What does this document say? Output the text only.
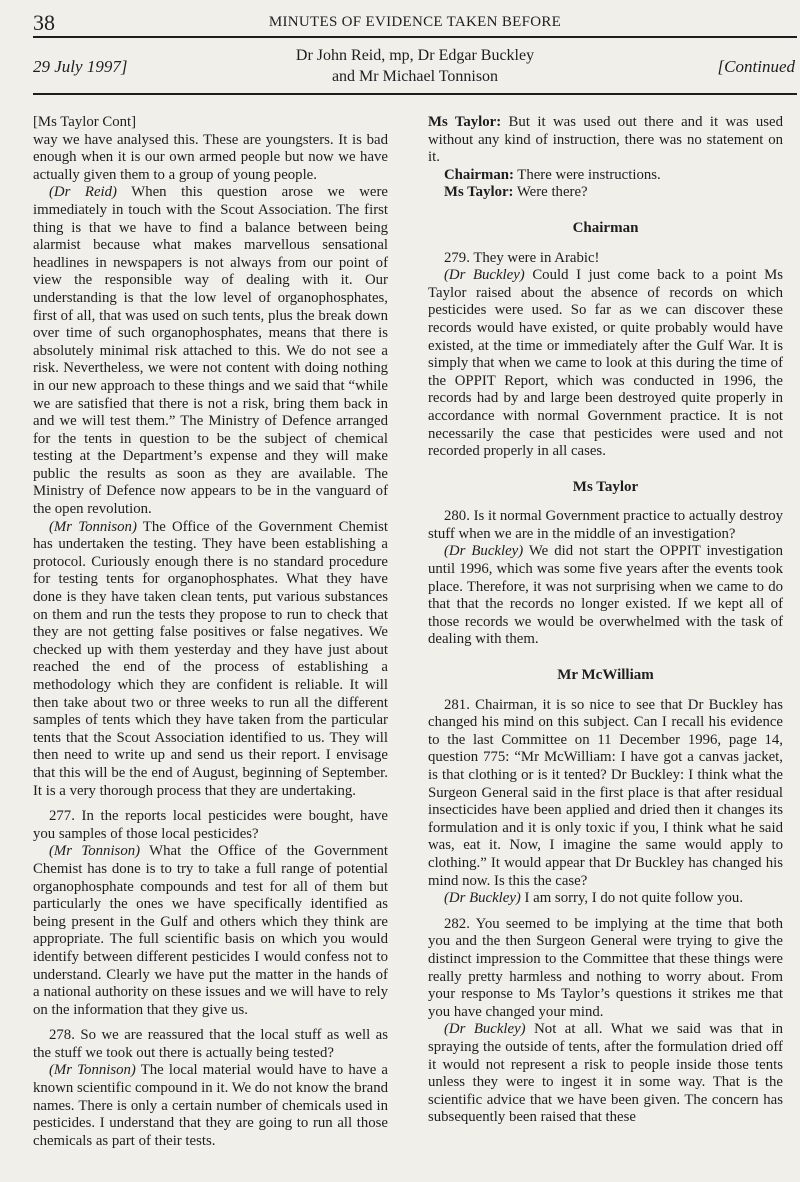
38	MINUTES OF EVIDENCE TAKEN BEFORE
29 July 1997]
Dr John Reid, mp, Dr Edgar Buckley
and Mr Michael Tonnison
[Continued

[Ms Taylor Cont]

way we have analysed this. These are youngsters. It is bad enough when it is our own armed people but now we have actually given them to a group of young people.

(Dr Reid) When this question arose we were immediately in touch with the Scout Association. The first thing is that we have to find a balance between being alarmist because what makes marvellous sensational headlines in newspapers is not always from our point of view the responsible way of dealing with it. Our understanding is that the low level of organophosphates, first of all, that was used on such tents, plus the break down over time of such organophosphates, means that there is absolutely minimal risk attached to this. We do not see a risk. Nevertheless, we were not content with doing nothing in our new approach to these things and we said that “while we are satisfied that there is not a risk, bring them back in and we will test them.” The Ministry of Defence arranged for the tents in question to be the subject of chemical testing at the Department’s expense and they will make public the results as soon as they are available. The Ministry of Defence now appears to be in the vanguard of the open revolution.

(Mr Tonnison) The Office of the Government Chemist has undertaken the testing. They have been establishing a protocol. Curiously enough there is no standard procedure for testing tents for organophosphates. What they have done is they have taken clean tents, put various substances on them and run the tests they propose to run to check that they are not getting false positives or false negatives. We checked up with them yesterday and they have just about reached the end of the process of establishing a methodology which they are confident is reliable. It will then take about two or three weeks to run all the different samples of tents which they have taken from the particular tents that the Scout Association identified to us. They will then need to write up and send us their report. I envisage that this will be the end of August, beginning of September. It is a very thorough process that they are undertaking.

277. In the reports local pesticides were bought, have you samples of those local pesticides?

(Mr Tonnison) What the Office of the Government Chemist has done is to try to take a full range of potential organophosphate compounds and test for all of them but particularly the ones we have specifically identified as being present in the Gulf and others which they think are appropriate. The full scientific basis on which you would identify between different pesticides I would confess not to understand. Clearly we have put the matter in the hands of a national authority on these issues and we will have to rely on the information that they give us.

278. So we are reassured that the local stuff as well as the stuff we took out there is actually being tested?

(Mr Tonnison) The local material would have to have a known scientific compound in it. We do not know the brand names. There is only a certain number of chemicals used in pesticides. I understand that they are going to run all those chemicals as part of their tests.

Ms Taylor: But it was used out there and it was used without any kind of instruction, there was no statement on it.

Chairman: There were instructions.

Ms Taylor: Were there?

Chairman

279. They were in Arabic!

(Dr Buckley) Could I just come back to a point Ms Taylor raised about the absence of records on which pesticides were used. So far as we can discover these records would have existed, or quite probably would have existed, at the time or immediately after the Gulf War. It is simply that when we came to look at this during the time of the OPPIT Report, which was conducted in 1996, the records had by and large been destroyed quite properly in accordance with normal Government practice. It is not necessarily the case that pesticides were used and not recorded properly in all cases.

Ms Taylor

280. Is it normal Government practice to actually destroy stuff when we are in the middle of an investigation?

(Dr Buckley) We did not start the OPPIT investigation until 1996, which was some five years after the events took place. Therefore, it was not surprising when we came to do that that the records no longer existed. If we kept all of those records we would be overwhelmed with the task of dealing with them.

Mr McWilliam

281. Chairman, it is so nice to see that Dr Buckley has changed his mind on this subject. Can I recall his evidence to the last Committee on 11 December 1996, page 14, question 775: “Mr McWilliam: I have got a canvas jacket, is that clothing or is it tented? Dr Buckley: I think what the Surgeon General said in the first place is that after residual insecticides have been applied and dried then it changes its formulation and it is only toxic if you, I think what he said was, eat it. Now, I imagine the same would apply to clothing.” It would appear that Dr Buckley has changed his mind now. Is this the case?

(Dr Buckley) I am sorry, I do not quite follow you.

282. You seemed to be implying at the time that both you and the then Surgeon General were trying to give the distinct impression to the Committee that these things were really pretty harmless and nothing to worry about. From your response to Ms Taylor’s questions it strikes me that you have changed your mind.

(Dr Buckley) Not at all. What we said was that in spraying the outside of tents, after the formulation dried off it would not represent a risk to people inside those tents unless they were to ingest it in some way. That is the scientific advice that we have been given. The concern has subsequently been raised that these
